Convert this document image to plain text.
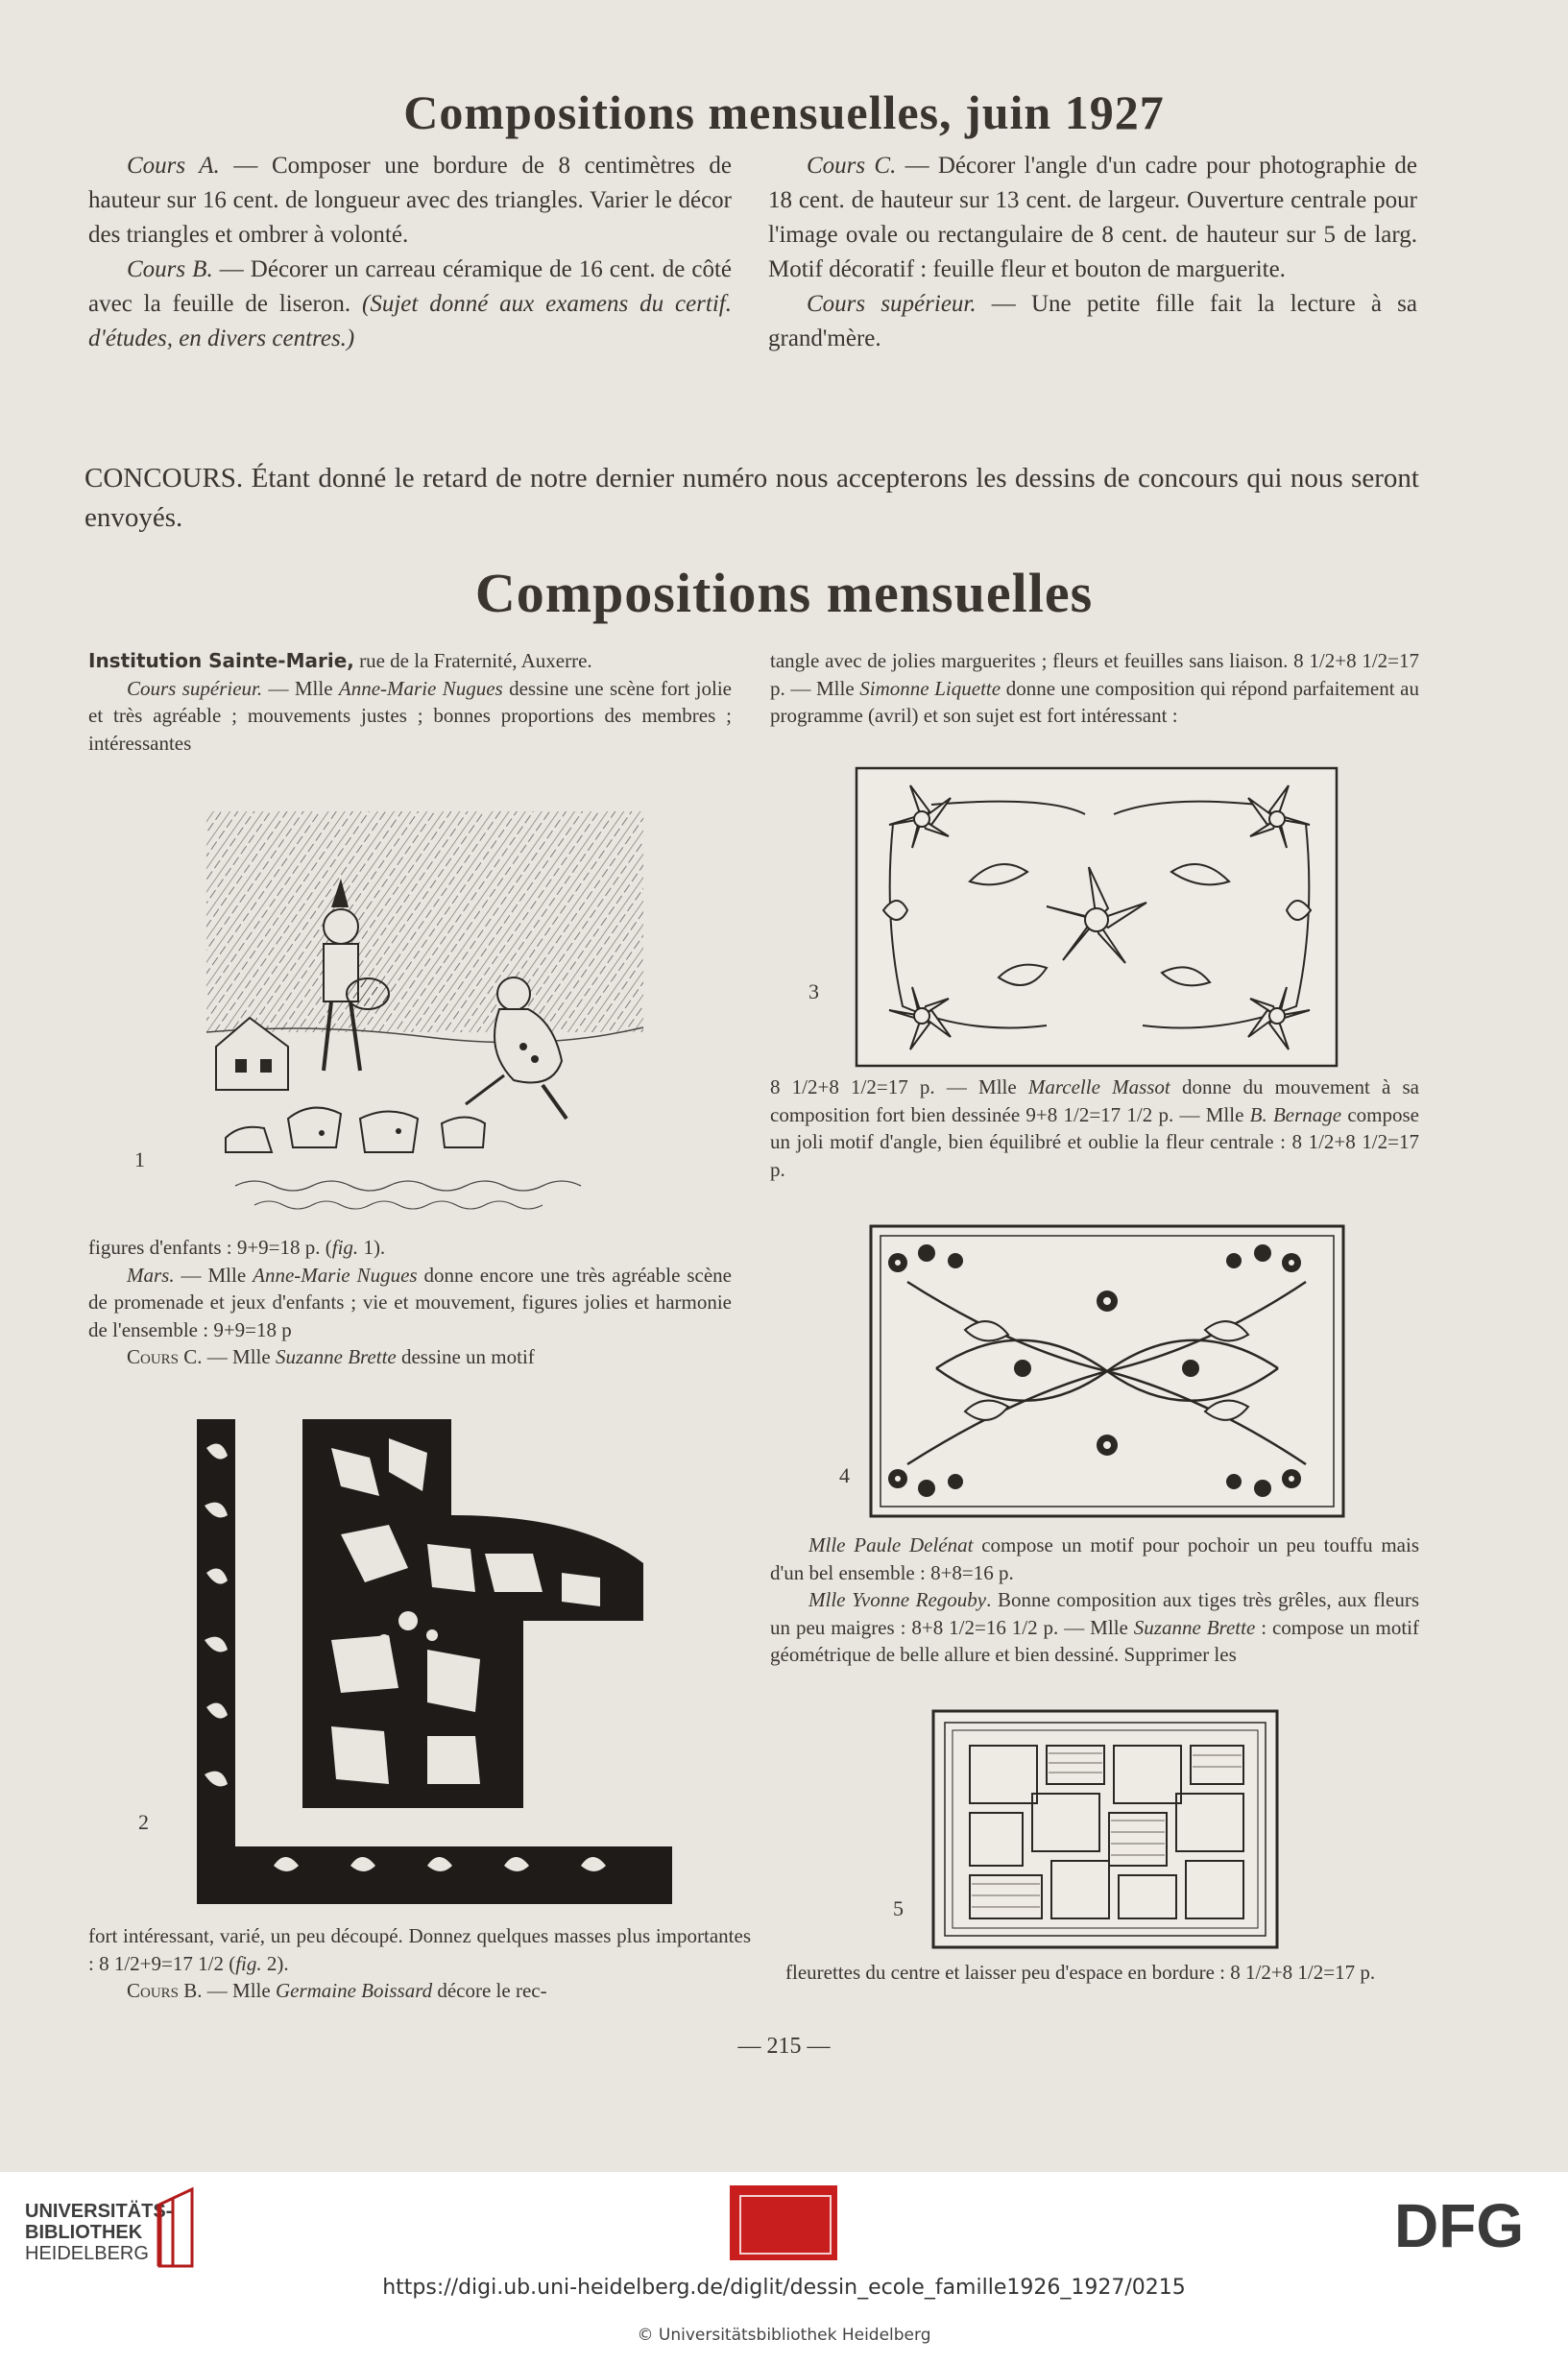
Compositions mensuelles, juin 1927

Cours A. — Composer une bordure de 8 centimètres de hauteur sur 16 cent. de longueur avec des triangles. Varier le décor des triangles et ombrer à volonté.

Cours B. — Décorer un carreau céramique de 16 cent. de côté avec la feuille de liseron. (Sujet donné aux examens du certif. d'études, en divers centres.)

Cours C. — Décorer l'angle d'un cadre pour photographie de 18 cent. de hauteur sur 13 cent. de largeur. Ouverture centrale pour l'image ovale ou rectangulaire de 8 cent. de hauteur sur 5 de larg. Motif décoratif : feuille fleur et bouton de marguerite.

Cours supérieur. — Une petite fille fait la lecture à sa grand'mère.

CONCOURS. Étant donné le retard de notre dernier numéro nous accepterons les dessins de concours qui nous seront envoyés.

Compositions mensuelles

Institution Sainte-Marie, rue de la Fraternité, Auxerre.

Cours supérieur. — Mlle Anne-Marie Nugues dessine une scène fort jolie et très agréable ; mouvements justes ; bonnes proportions des membres ; intéressantes

1

figures d'enfants : 9+9=18 p. (fig. 1).

Mars. — Mlle Anne-Marie Nugues donne encore une très agréable scène de promenade et jeux d'enfants ; vie et mouvement, figures jolies et harmonie de l'ensemble : 9+9=18 p

Cours C. — Mlle Suzanne Brette dessine un motif

2

fort intéressant, varié, un peu découpé. Donnez quelques masses plus importantes : 8 1/2+9=17 1/2 (fig. 2).

Cours B. — Mlle Germaine Boissard décore le rec-

tangle avec de jolies marguerites ; fleurs et feuilles sans liaison. 8 1/2+8 1/2=17 p. — Mlle Simonne Liquette donne une composition qui répond parfaitement au programme (avril) et son sujet est fort intéressant :

3

8 1/2+8 1/2=17 p. — Mlle Marcelle Massot donne du mouvement à sa composition fort bien dessinée 9+8 1/2=17 1/2 p. — Mlle B. Bernage compose un joli motif d'angle, bien équilibré et oublie la fleur centrale : 8 1/2+8 1/2=17 p.

4

Mlle Paule Delénat compose un motif pour pochoir un peu touffu mais d'un bel ensemble : 8+8=16 p.

Mlle Yvonne Regouby. Bonne composition aux tiges très grêles, aux fleurs un peu maigres : 8+8 1/2=16 1/2 p. — Mlle Suzanne Brette : compose un motif géométrique de belle allure et bien dessiné. Supprimer les

5

fleurettes du centre et laisser peu d'espace en bordure : 8 1/2+8 1/2=17 p.

— 215 —
UNIVERSITÄTS-
BIBLIOTHEK
HEIDELBERG	DFG
https://digi.ub.uni-heidelberg.de/diglit/dessin_ecole_famille1926_1927/0215
© Universitätsbibliothek Heidelberg
